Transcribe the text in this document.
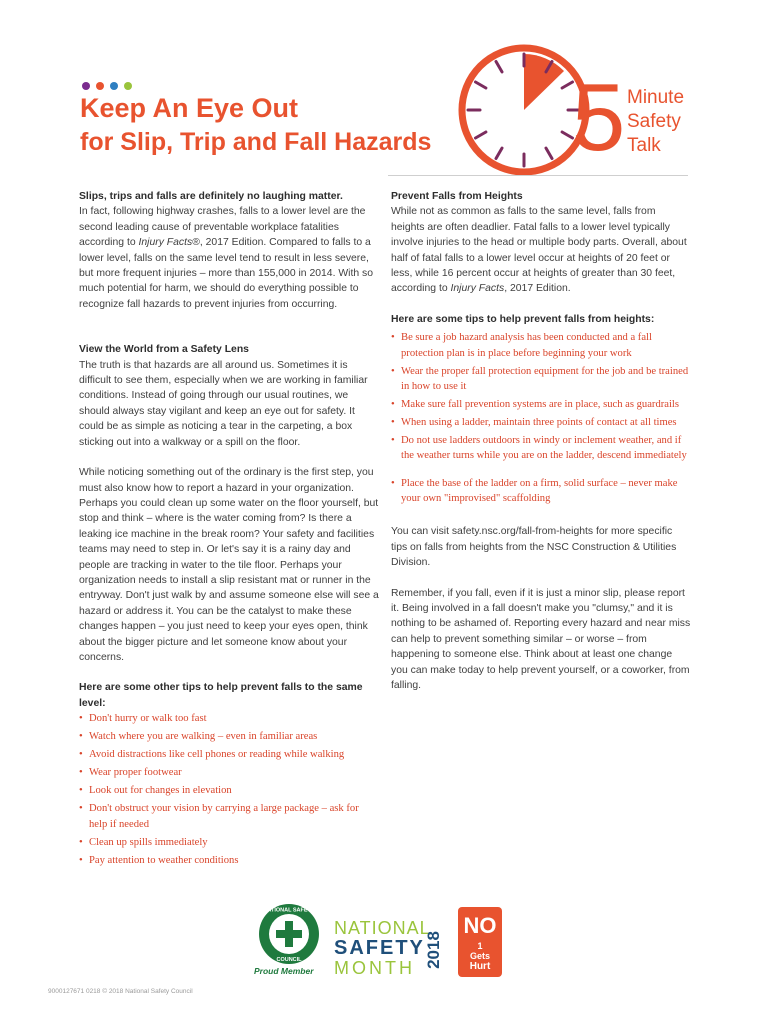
Keep An Eye Out
for Slip, Trip and Fall Hazards 5 Minute
Safety
Talk

Slips, trips and falls are definitely no laughing matter.

In fact, following highway crashes, falls to a lower level are the second leading cause of preventable workplace fatalities according to Injury Facts®, 2017 Edition. Compared to falls to a lower level, falls on the same level tend to result in less severe, but more frequent injuries – more than 155,000 in 2014. With so much potential for harm, we should do everything possible to recognize fall hazards to prevent injuries from occurring.

View the World from a Safety Lens

The truth is that hazards are all around us. Sometimes it is difficult to see them, especially when we are working in familiar conditions. Instead of going through our usual routines, we should always stay vigilant and keep an eye out for safety. It could be as simple as noticing a tear in the carpeting, a box sticking out into a walkway or a spill on the floor.

While noticing something out of the ordinary is the first step, you must also know how to report a hazard in your organization. Perhaps you could clean up some water on the floor yourself, but stop and think – where is the water coming from? Is there a leaking ice machine in the break room? Your safety and facilities teams may need to step in. Or let's say it is a rainy day and people are tracking in water to the tile floor. Perhaps your organization needs to install a slip resistant mat or runner in the entryway. Don't just walk by and assume someone else will see a hazard or address it. You can be the catalyst to make these changes happen – you just need to keep your eyes open, think about the bigger picture and let someone know about your concerns.

Here are some other tips to help prevent falls to the same level:

• Don't hurry or walk too fast
• Watch where you are walking – even in familiar areas
• Avoid distractions like cell phones or reading while walking
• Wear proper footwear
• Look out for changes in elevation
• Don't obstruct your vision by carrying a large package – ask for help if needed
• Clean up spills immediately
• Pay attention to weather conditions

Prevent Falls from Heights

While not as common as falls to the same level, falls from heights are often deadlier. Fatal falls to a lower level typically involve injuries to the head or multiple body parts. Overall, about half of fatal falls to a lower level occur at heights of 20 feet or less, while 16 percent occur at heights of greater than 30 feet, according to Injury Facts, 2017 Edition.

Here are some tips to help prevent falls from heights:

• Be sure a job hazard analysis has been conducted and a fall protection plan is in place before beginning your work
• Wear the proper fall protection equipment for the job and be trained in how to use it
• Make sure fall prevention systems are in place, such as guardrails
• When using a ladder, maintain three points of contact at all times
• Do not use ladders outdoors in windy or inclement weather, and if the weather turns while you are on the ladder, descend immediately
• Place the base of the ladder on a firm, solid surface – never make your own "improvised" scaffolding

You can visit safety.nsc.org/fall-from-heights for more specific tips on falls from heights from the NSC Construction & Utilities Division.

Remember, if you fall, even if it is just a minor slip, please report it. Being involved in a fall doesn't make you "clumsy," and it is nothing to be ashamed of. Reporting every hazard and near miss can help to prevent something similar – or worse – from happening to someone else. Think about at least one change you can make today to help prevent yourself, or a coworker, from falling.

NATIONAL SAFETY
COUNCIL
Proud Member
NATIONAL
SAFETY
MONTH 2018
NO
1
Gets
Hurt
9000127671 0218 © 2018 National Safety Council
